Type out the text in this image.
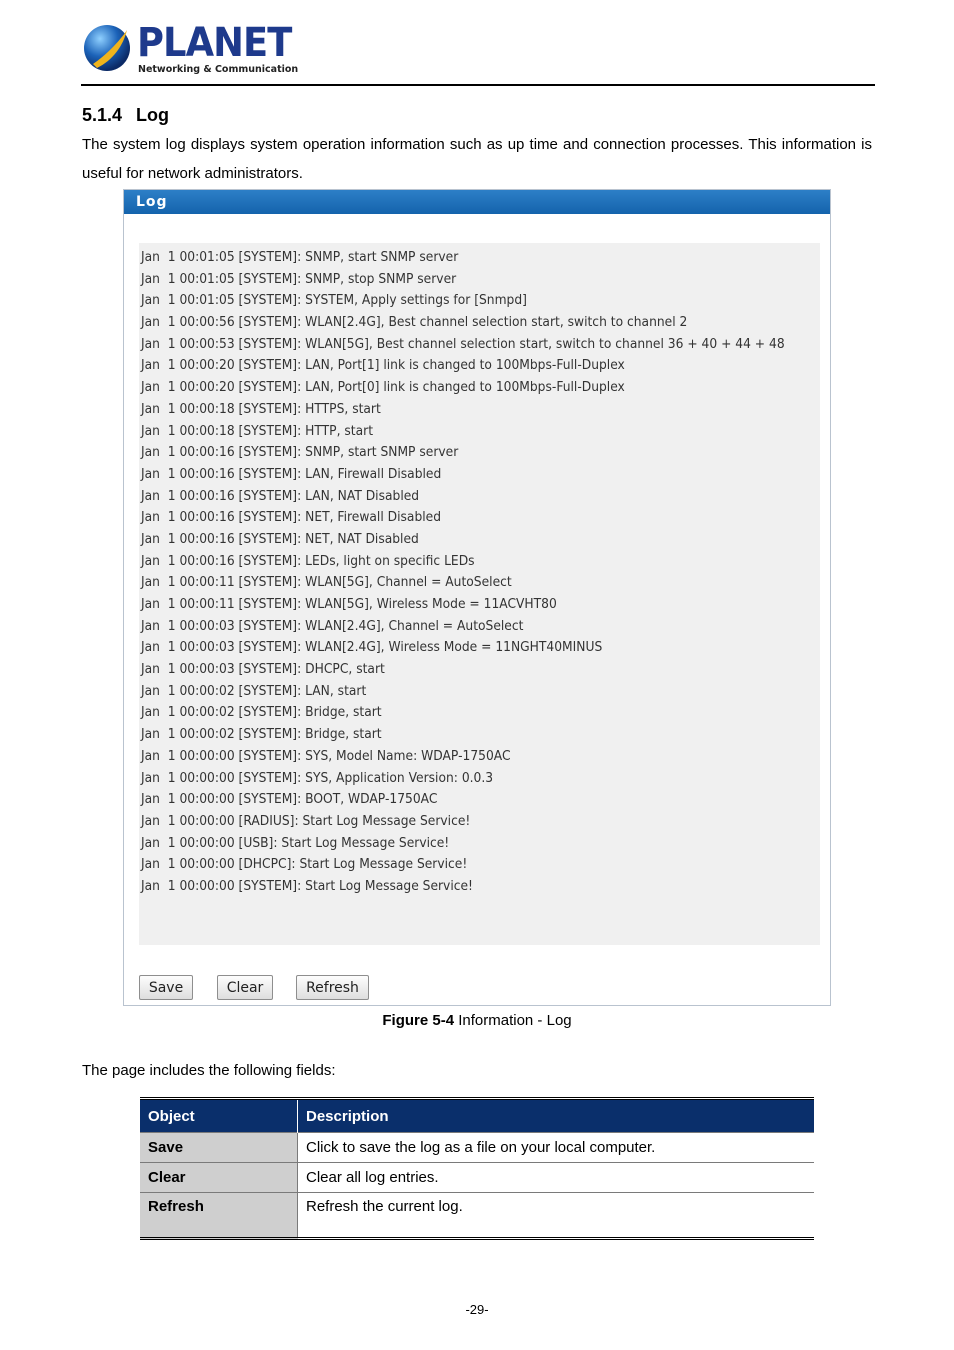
PLANET
Networking & Communication
5.1.4 Log
The system log displays system operation information such as up time and connection processes. This information is useful for network administrators.
Log
Jan  1 00:01:05 [SYSTEM]: SNMP, start SNMP server
Jan  1 00:01:05 [SYSTEM]: SNMP, stop SNMP server
Jan  1 00:01:05 [SYSTEM]: SYSTEM, Apply settings for [Snmpd]
Jan  1 00:00:56 [SYSTEM]: WLAN[2.4G], Best channel selection start, switch to channel 2
Jan  1 00:00:53 [SYSTEM]: WLAN[5G], Best channel selection start, switch to channel 36 + 40 + 44 + 48
Jan  1 00:00:20 [SYSTEM]: LAN, Port[1] link is changed to 100Mbps-Full-Duplex
Jan  1 00:00:20 [SYSTEM]: LAN, Port[0] link is changed to 100Mbps-Full-Duplex
Jan  1 00:00:18 [SYSTEM]: HTTPS, start
Jan  1 00:00:18 [SYSTEM]: HTTP, start
Jan  1 00:00:16 [SYSTEM]: SNMP, start SNMP server
Jan  1 00:00:16 [SYSTEM]: LAN, Firewall Disabled
Jan  1 00:00:16 [SYSTEM]: LAN, NAT Disabled
Jan  1 00:00:16 [SYSTEM]: NET, Firewall Disabled
Jan  1 00:00:16 [SYSTEM]: NET, NAT Disabled
Jan  1 00:00:16 [SYSTEM]: LEDs, light on specific LEDs
Jan  1 00:00:11 [SYSTEM]: WLAN[5G], Channel = AutoSelect
Jan  1 00:00:11 [SYSTEM]: WLAN[5G], Wireless Mode = 11ACVHT80
Jan  1 00:00:03 [SYSTEM]: WLAN[2.4G], Channel = AutoSelect
Jan  1 00:00:03 [SYSTEM]: WLAN[2.4G], Wireless Mode = 11NGHT40MINUS
Jan  1 00:00:03 [SYSTEM]: DHCPC, start
Jan  1 00:00:02 [SYSTEM]: LAN, start
Jan  1 00:00:02 [SYSTEM]: Bridge, start
Jan  1 00:00:02 [SYSTEM]: Bridge, start
Jan  1 00:00:00 [SYSTEM]: SYS, Model Name: WDAP-1750AC
Jan  1 00:00:00 [SYSTEM]: SYS, Application Version: 0.0.3
Jan  1 00:00:00 [SYSTEM]: BOOT, WDAP-1750AC
Jan  1 00:00:00 [RADIUS]: Start Log Message Service!
Jan  1 00:00:00 [USB]: Start Log Message Service!
Jan  1 00:00:00 [DHCPC]: Start Log Message Service!
Jan  1 00:00:00 [SYSTEM]: Start Log Message Service!
Save	Clear	Refresh
Figure 5-4 Information - Log
The page includes the following fields:
Object	Description
Save	Click to save the log as a file on your local computer.
Clear	Clear all log entries.
Refresh	Refresh the current log.
-29-
